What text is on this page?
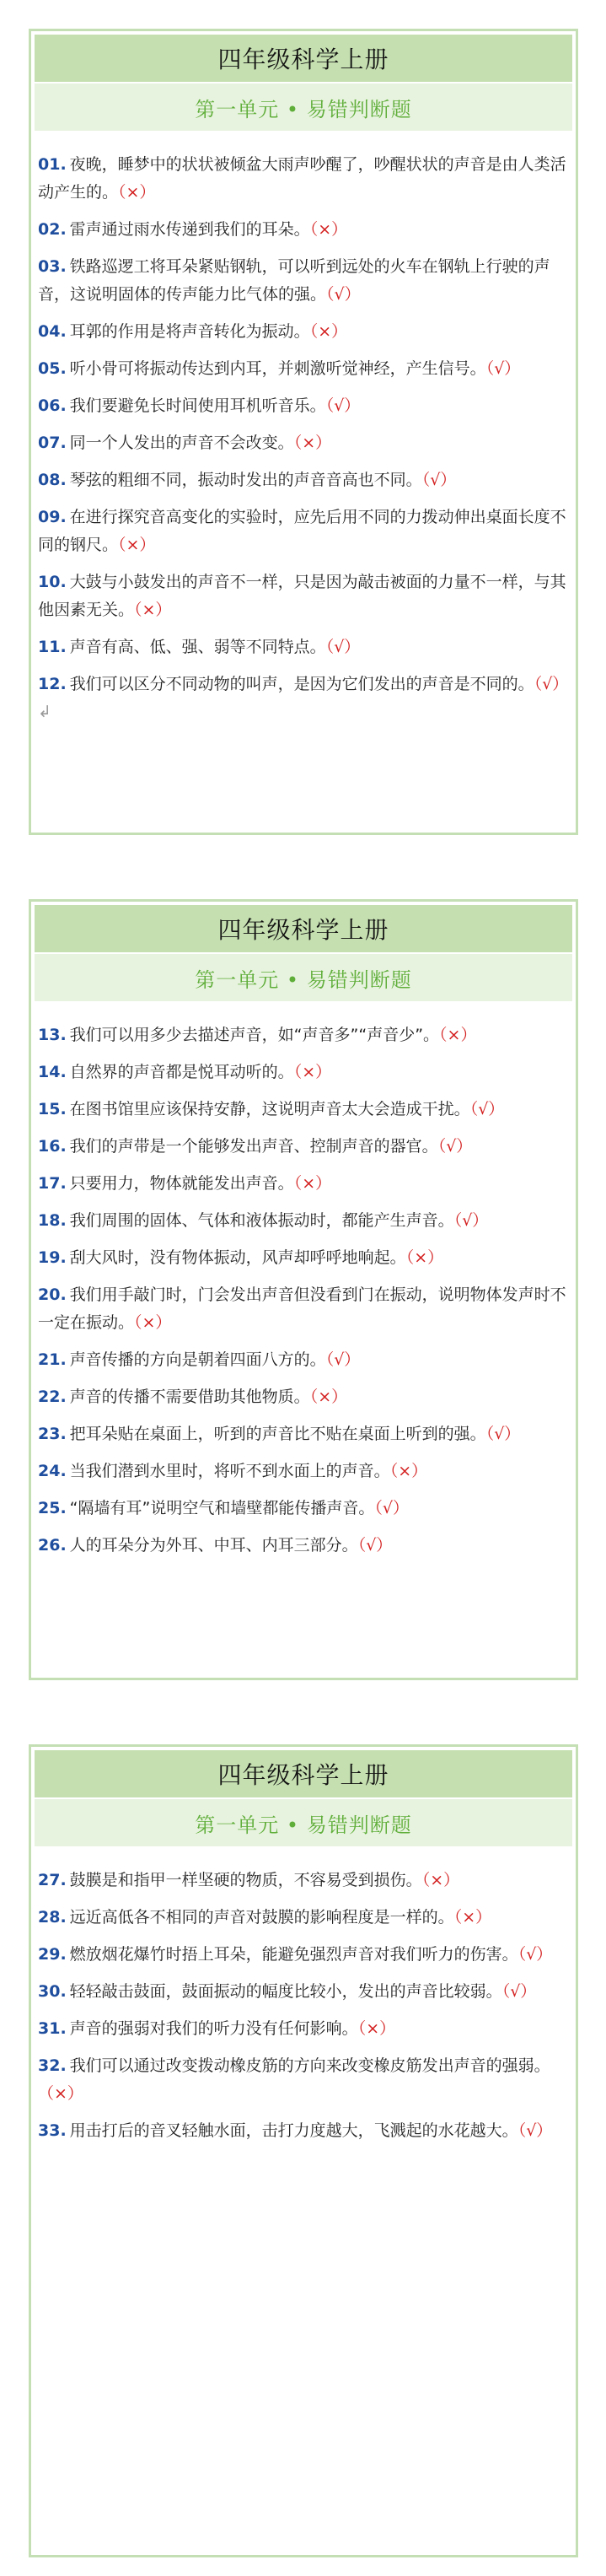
四年级科学上册
第一单元 • 易错判断题
01. 夜晚，睡梦中的状状被倾盆大雨声吵醒了，吵醒状状的声音是由人类活动产生的。（×）
02. 雷声通过雨水传递到我们的耳朵。（×）
03. 铁路巡逻工将耳朵紧贴钢轨，可以听到远处的火车在钢轨上行驶的声音，这说明固体的传声能力比气体的强。（√）
04. 耳郭的作用是将声音转化为振动。（×）
05. 听小骨可将振动传达到内耳，并刺激听觉神经，产生信号。（√）
06. 我们要避免长时间使用耳机听音乐。（√）
07. 同一个人发出的声音不会改变。（×）
08. 琴弦的粗细不同，振动时发出的声音音高也不同。（√）
09. 在进行探究音高变化的实验时，应先后用不同的力拨动伸出桌面长度不同的钢尺。（×）
10. 大鼓与小鼓发出的声音不一样，只是因为敲击被面的力量不一样，与其他因素无关。（×）
11. 声音有高、低、强、弱等不同特点。（√）
12. 我们可以区分不同动物的叫声，是因为它们发出的声音是不同的。（√）↲
四年级科学上册
第一单元 • 易错判断题
13. 我们可以用多少去描述声音，如“声音多”“声音少”。（×）
14. 自然界的声音都是悦耳动听的。（×）
15. 在图书馆里应该保持安静，这说明声音太大会造成干扰。（√）
16. 我们的声带是一个能够发出声音、控制声音的器官。（√）
17. 只要用力，物体就能发出声音。（×）
18. 我们周围的固体、气体和液体振动时，都能产生声音。（√）
19. 刮大风时，没有物体振动，风声却呼呼地响起。（×）
20. 我们用手敲门时，门会发出声音但没看到门在振动，说明物体发声时不一定在振动。（×）
21. 声音传播的方向是朝着四面八方的。（√）
22. 声音的传播不需要借助其他物质。（×）
23. 把耳朵贴在桌面上，听到的声音比不贴在桌面上听到的强。（√）
24. 当我们潜到水里时，将听不到水面上的声音。（×）
25. “隔墙有耳”说明空气和墙壁都能传播声音。（√）
26. 人的耳朵分为外耳、中耳、内耳三部分。（√）
四年级科学上册
第一单元 • 易错判断题
27. 鼓膜是和指甲一样坚硬的物质，不容易受到损伤。（×）
28. 远近高低各不相同的声音对鼓膜的影响程度是一样的。（×）
29. 燃放烟花爆竹时捂上耳朵，能避免强烈声音对我们听力的伤害。（√）
30. 轻轻敲击鼓面，鼓面振动的幅度比较小，发出的声音比较弱。（√）
31. 声音的强弱对我们的听力没有任何影响。（×）
32. 我们可以通过改变拨动橡皮筋的方向来改变橡皮筋发出声音的强弱。（×）
33. 用击打后的音叉轻触水面，击打力度越大，飞溅起的水花越大。（√）
